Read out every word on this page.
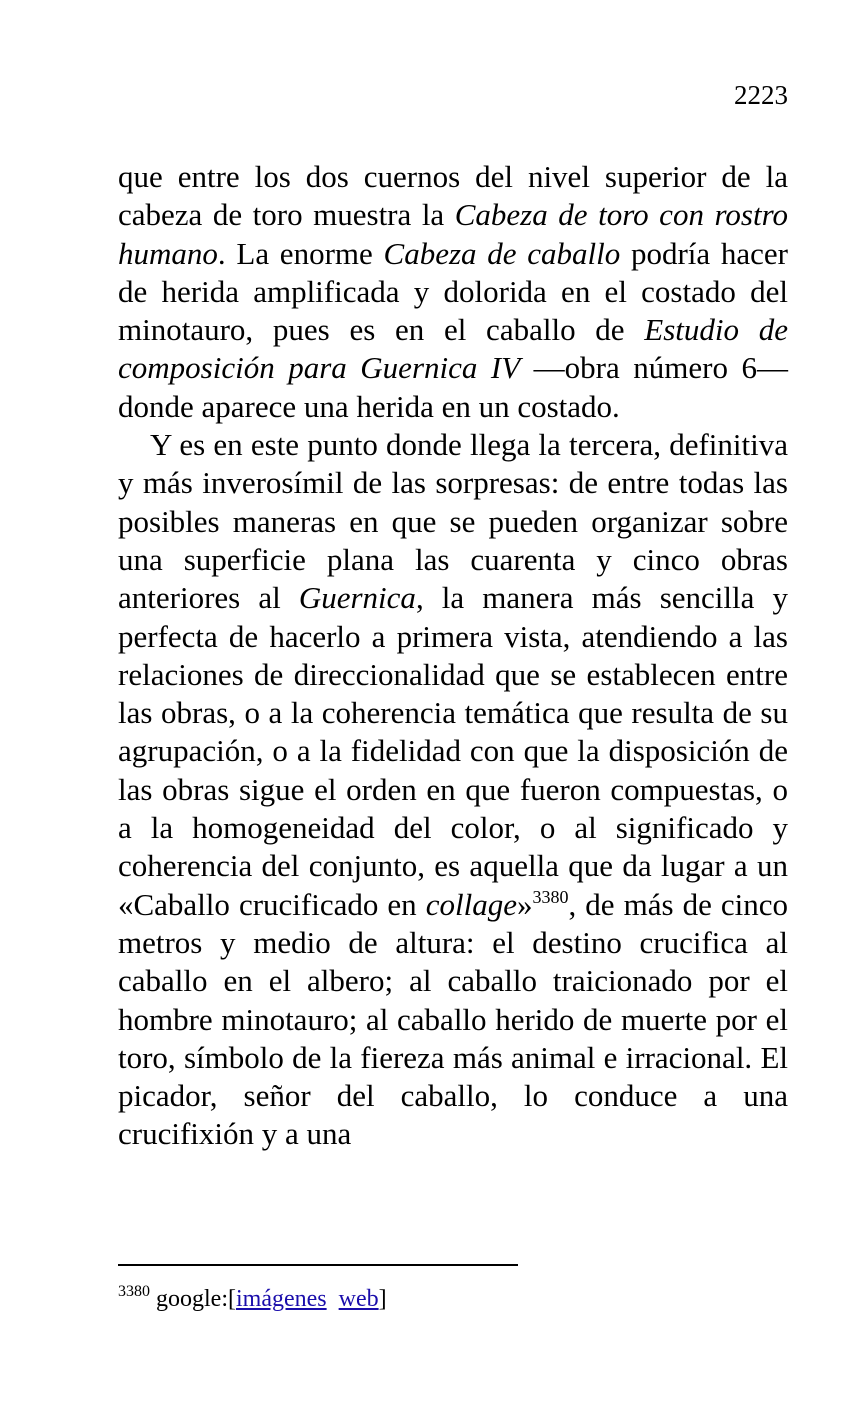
2223

que entre los dos cuernos del nivel superior de la cabeza de toro muestra la Cabeza de toro con rostro humano. La enorme Cabeza de caballo podría hacer de herida amplificada y dolorida en el costado del minotauro, pues es en el caballo de Estudio de composición para Guernica IV —obra número 6— donde aparece una herida en un costado.

Y es en este punto donde llega la tercera, definitiva y más inverosímil de las sorpresas: de entre todas las posibles maneras en que se pueden organizar sobre una superficie plana las cuarenta y cinco obras anteriores al Guernica, la manera más sencilla y perfecta de hacerlo a primera vista, atendiendo a las relaciones de direccionalidad que se establecen entre las obras, o a la coherencia temática que resulta de su agrupación, o a la fidelidad con que la disposición de las obras sigue el orden en que fueron compuestas, o a la homogeneidad del color, o al significado y coherencia del conjunto, es aquella que da lugar a un «Caballo crucificado en collage»$^{3380}$, de más de cinco metros y medio de altura: el destino crucifica al caballo en el albero; al caballo traicionado por el hombre minotauro; al caballo herido de muerte por el toro, símbolo de la fiereza más animal e irracional. El picador, señor del caballo, lo conduce a una crucifixión y a una

$^{3380}$ google:[imágenes web]
